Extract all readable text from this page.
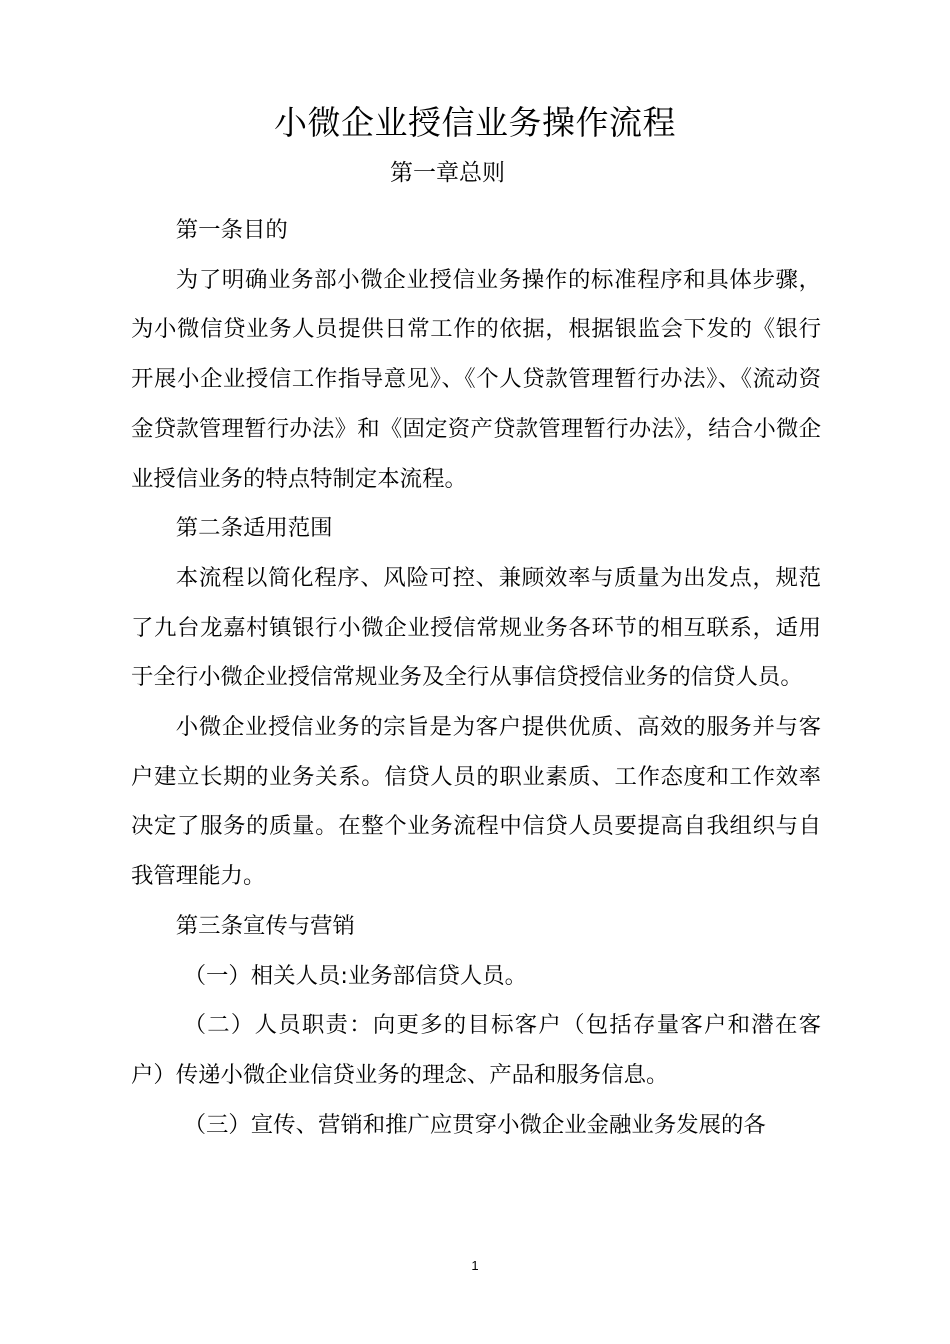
小微企业授信业务操作流程
第一章总则

第一条目的

为了明确业务部小微企业授信业务操作的标准程序和具体步骤，为小微信贷业务人员提供日常工作的依据，根据银监会下发的《银行开展小企业授信工作指导意见》、《个人贷款管理暂行办法》、《流动资金贷款管理暂行办法》和《固定资产贷款管理暂行办法》，结合小微企业授信业务的特点特制定本流程。

第二条适用范围

本流程以简化程序、风险可控、兼顾效率与质量为出发点，规范了九台龙嘉村镇银行小微企业授信常规业务各环节的相互联系，适用于全行小微企业授信常规业务及全行从事信贷授信业务的信贷人员。

小微企业授信业务的宗旨是为客户提供优质、高效的服务并与客户建立长期的业务关系。信贷人员的职业素质、工作态度和工作效率决定了服务的质量。在整个业务流程中信贷人员要提高自我组织与自我管理能力。

第三条宣传与营销

（一）相关人员:业务部信贷人员。

（二）人员职责：向更多的目标客户（包括存量客户和潜在客户）传递小微企业信贷业务的理念、产品和服务信息。

（三）宣传、营销和推广应贯穿小微企业金融业务发展的各

1
